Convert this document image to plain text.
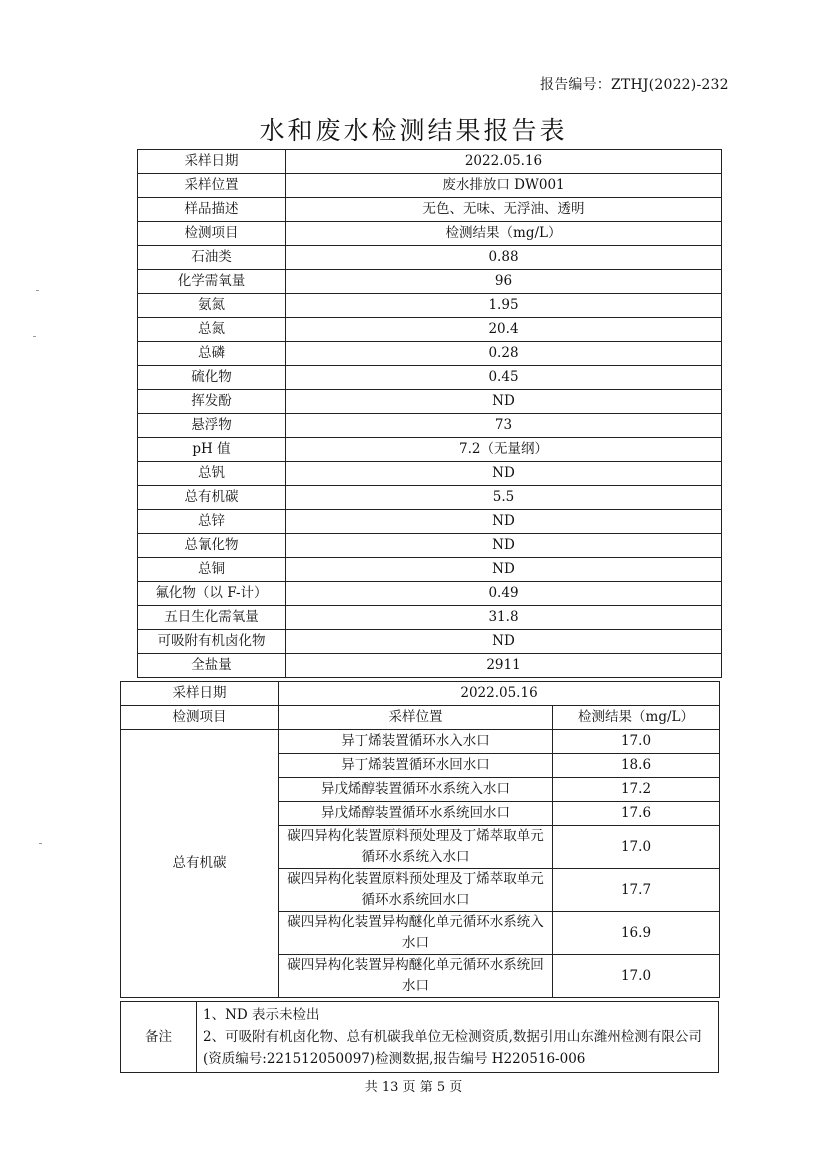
报告编号：ZTHJ(2022)-232
水和废水检测结果报告表
采样日期	2022.05.16
采样位置	废水排放口 DW001
样品描述	无色、无味、无浮油、透明
检测项目	检测结果（mg/L）
石油类	0.88
化学需氧量	96
氨氮	1.95
总氮	20.4
总磷	0.28
硫化物	0.45
挥发酚	ND
悬浮物	73
pH 值	7.2（无量纲）
总钒	ND
总有机碳	5.5
总锌	ND
总氰化物	ND
总铜	ND
氟化物（以 F-计）	0.49
五日生化需氧量	31.8
可吸附有机卤化物	ND
全盐量	2911
采样日期	2022.05.16	
检测项目	采样位置	检测结果（mg/L）
总有机碳	异丁烯装置循环水入水口	17.0
	异丁烯装置循环水回水口	18.6
	异戊烯醇装置循环水系统入水口	17.2
	异戊烯醇装置循环水系统回水口	17.6
	碳四异构化装置原料预处理及丁烯萃取单元循环水系统入水口	17.0
	碳四异构化装置原料预处理及丁烯萃取单元循环水系统回水口	17.7
	碳四异构化装置异构醚化单元循环水系统入水口	16.9
	碳四异构化装置异构醚化单元循环水系统回水口	17.0
备注	
1、ND 表示未检出
2、可吸附有机卤化物、总有机碳我单位无检测资质,数据引用山东潍州检测有限公司(资质编号:221512050097)检测数据,报告编号 H220516-006
共 13 页 第 5 页
